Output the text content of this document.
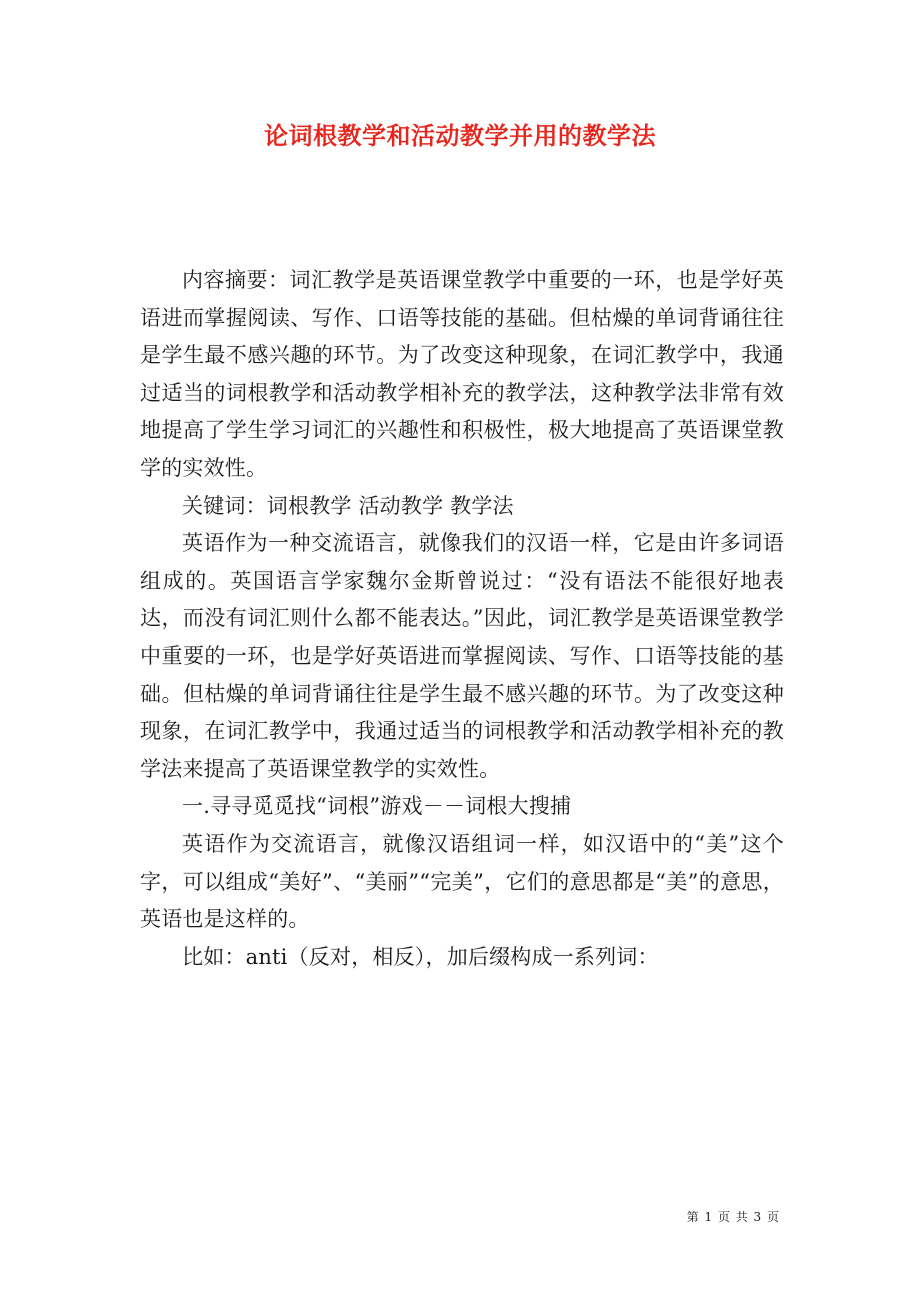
论词根教学和活动教学并用的教学法

内容摘要：词汇教学是英语课堂教学中重要的一环，也是学好英语进而掌握阅读、写作、口语等技能的基础。但枯燥的单词背诵往往是学生最不感兴趣的环节。为了改变这种现象，在词汇教学中，我通过适当的词根教学和活动教学相补充的教学法，这种教学法非常有效地提高了学生学习词汇的兴趣性和积极性，极大地提高了英语课堂教学的实效性。

关键词：词根教学 活动教学 教学法

英语作为一种交流语言，就像我们的汉语一样，它是由许多词语组成的。英国语言学家魏尔金斯曾说过：“没有语法不能很好地表达，而没有词汇则什么都不能表达。”因此，词汇教学是英语课堂教学中重要的一环，也是学好英语进而掌握阅读、写作、口语等技能的基础。但枯燥的单词背诵往往是学生最不感兴趣的环节。为了改变这种现象，在词汇教学中，我通过适当的词根教学和活动教学相补充的教学法来提高了英语课堂教学的实效性。

一.寻寻觅觅找“词根”游戏－－词根大搜捕

英语作为交流语言，就像汉语组词一样，如汉语中的“美”这个字，可以组成“美好”、“美丽”“完美”，它们的意思都是“美”的意思，英语也是这样的。

比如：anti（反对，相反），加后缀构成一系列词：

第 1 页 共 3 页
